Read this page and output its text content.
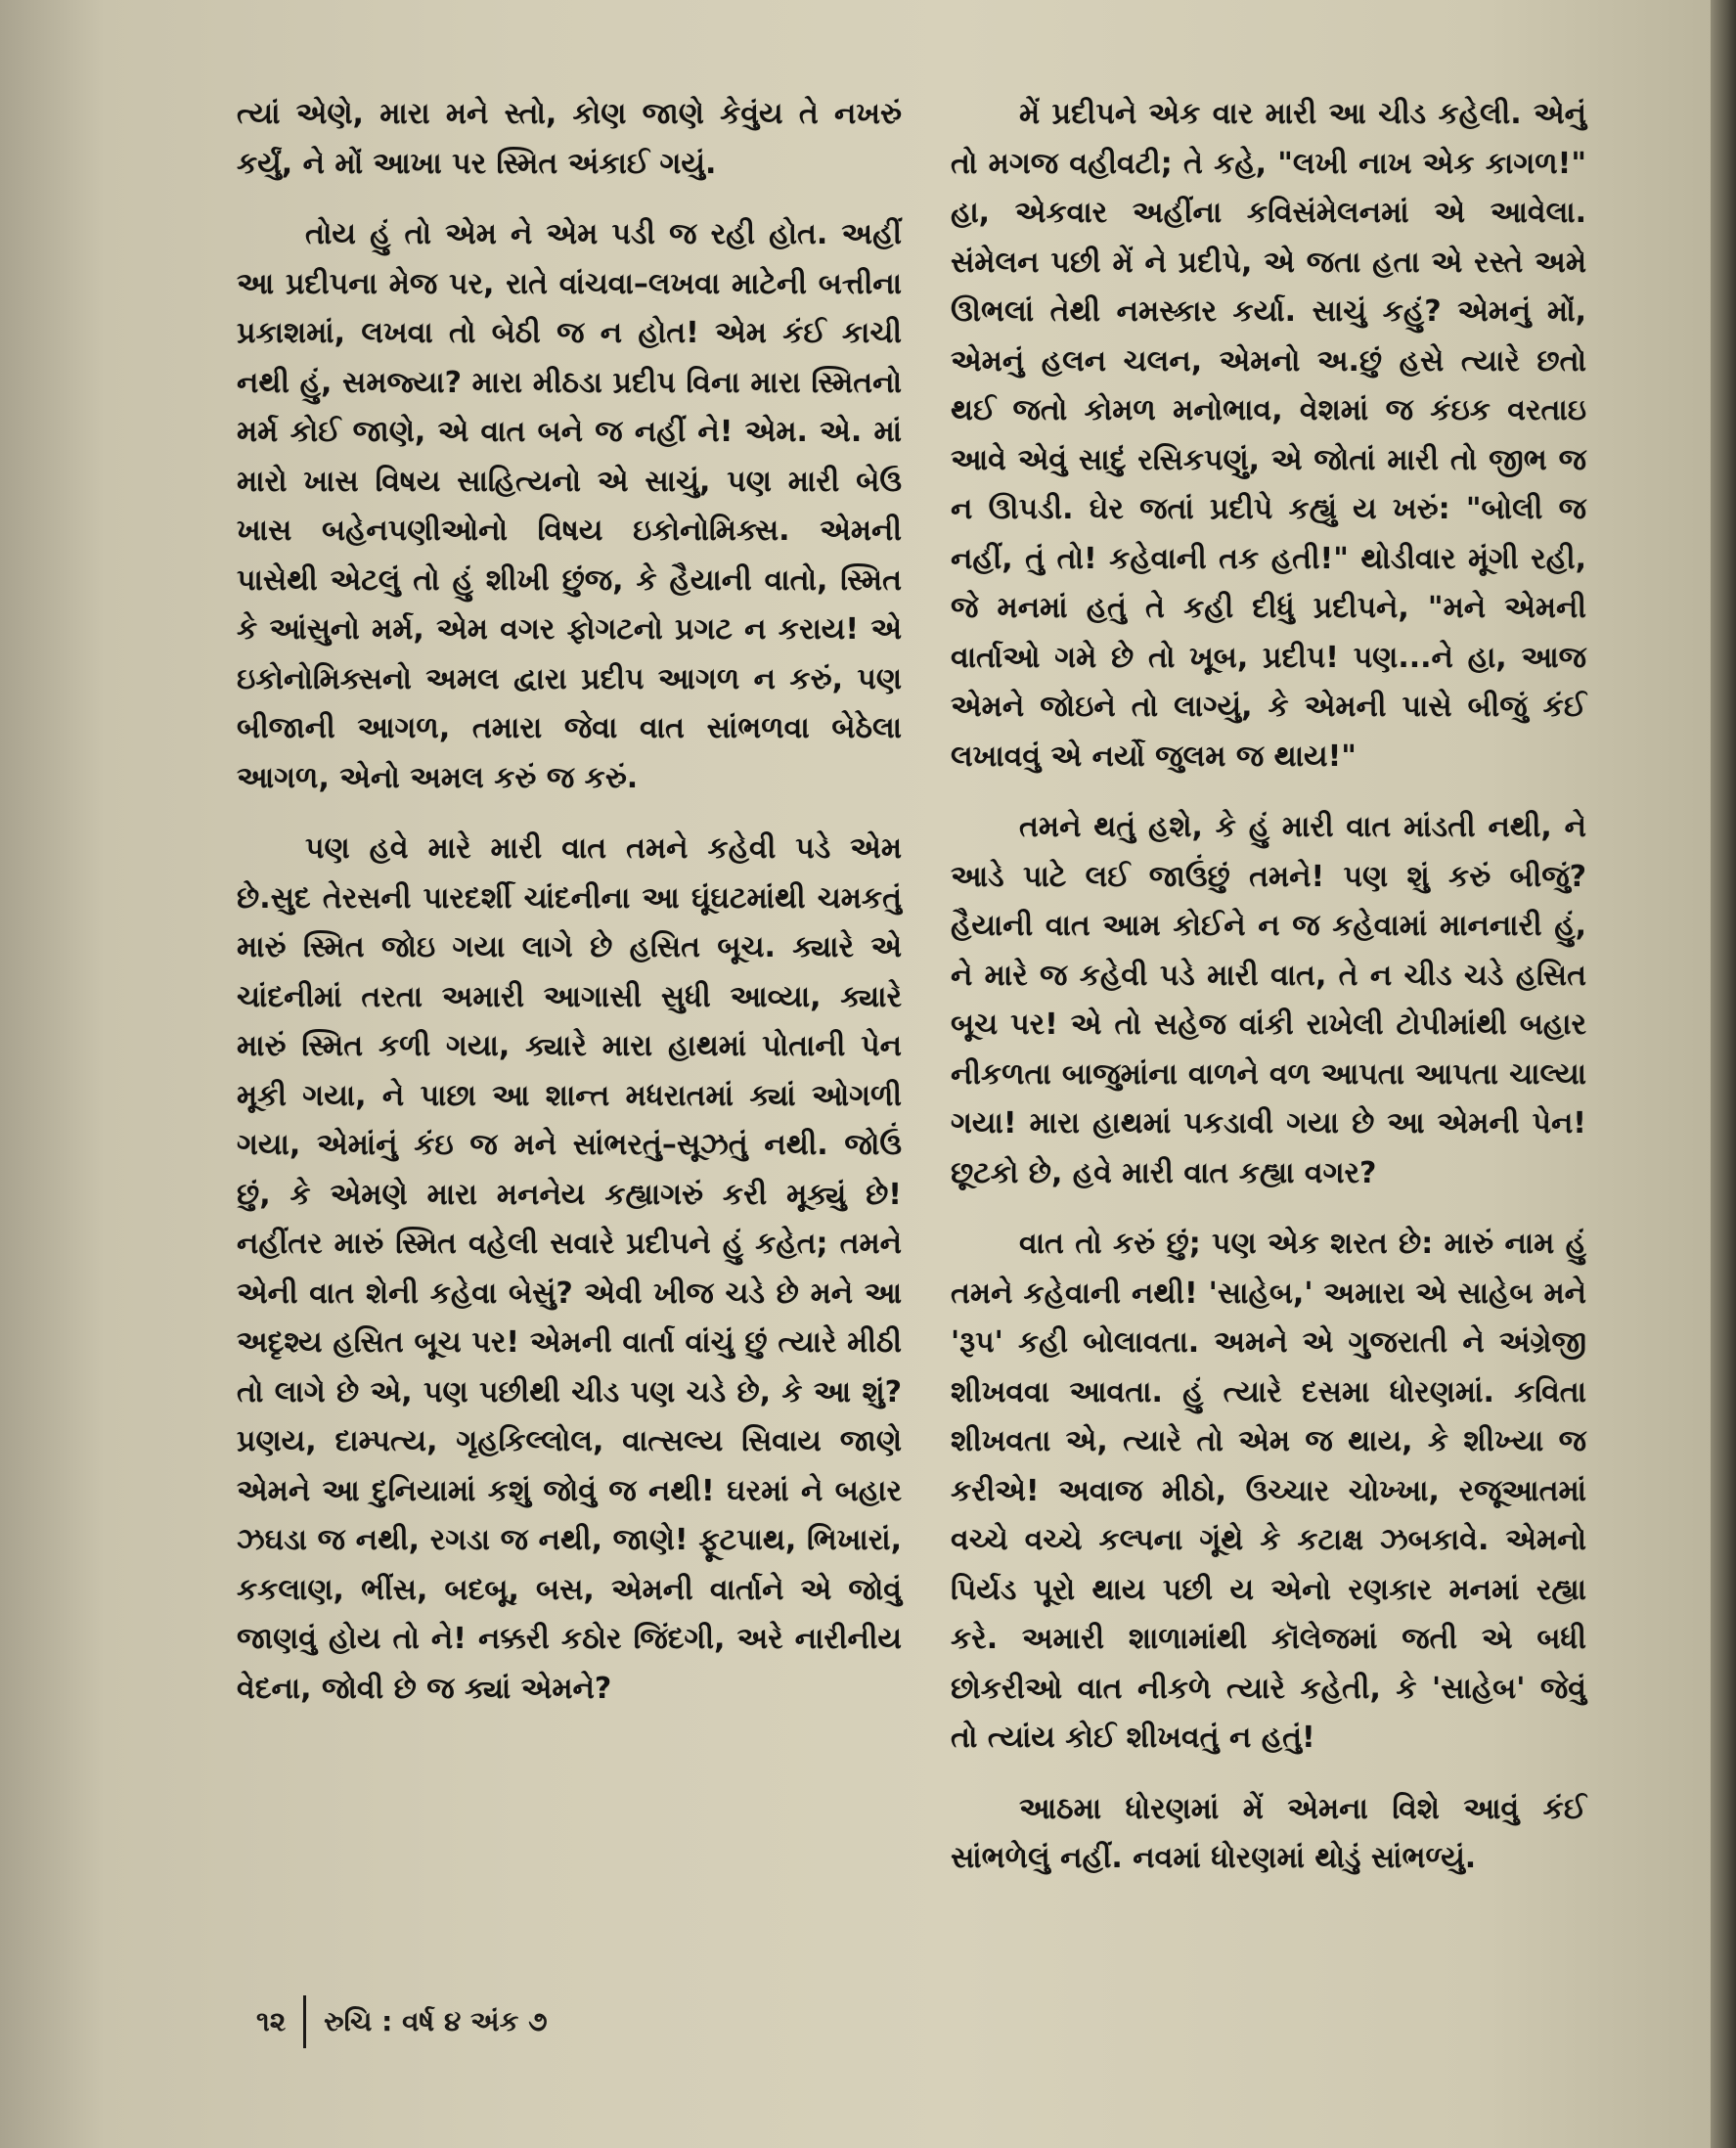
ત્યાં એણે, મારા મને સ્તો, કોણ જાણે કેવુંય તે નખરું કર્યું, ને મોં આખા પર સ્મિત અંકાઈ ગયું.

તોય હું તો એમ ને એમ પડી જ રહી હોત. અહીં આ પ્રદીપના મેજ પર, રાતે વાંચવા–લખવા માટેની બત્તીના પ્રકાશમાં, લખવા તો બેઠી જ ન હોત! એમ કંઈ કાચી નથી હું, સમજ્યા? મારા મીઠડા પ્રદીપ વિના મારા સ્મિતનો મર્મ કોઈ જાણે, એ વાત બને જ નહીં ને! એમ. એ. માં મારો ખાસ વિષય સાહિત્યનો એ સાચું, પણ મારી બેઉ ખાસ બહેનપણીઓનો વિષય ઇકોનોમિક્સ. એમની પાસેથી એટલું તો હું શીખી છુંજ, કે હૈયાની વાતો, સ્મિત કે આંસુનો મર્મ, એમ વગર ફોગટનો પ્રગટ ન કરાય! એ ઇકોનોમિક્સનો અમલ દ્વારા પ્રદીપ આગળ ન કરું, પણ બીજાની આગળ, તમારા જેવા વાત સાંભળવા બેઠેલા આગળ, એનો અમલ કરું જ કરું.

પણ હવે મારે મારી વાત તમને કહેવી પડે એમ છે.સુદ તેરસની પારદર્શી ચાંદનીના આ ઘૂંઘટમાંથી ચમકતું મારું સ્મિત જોઇ ગયા લાગે છે હસિત બૂચ. ક્યારે એ ચાંદનીમાં તરતા અમારી આગાસી સુધી આવ્યા, ક્યારે મારું સ્મિત કળી ગયા, ક્યારે મારા હાથમાં પોતાની પેન મૂકી ગયા, ને પાછા આ શાન્ત મધરાતમાં ક્યાં ઓગળી ગયા, એમાંનું કંઇ જ મને સાંભરતું–સૂઝતું નથી. જોઉં છું, કે એમણે મારા મનનેય કહ્યાગરું કરી મૂક્યું છે! નહીંતર મારું સ્મિત વહેલી સવારે પ્રદીપને હું કહેત; તમને એની વાત શેની કહેવા બેસું? એવી ખીજ ચડે છે મને આ અદૃશ્ય હસિત બૂચ પર! એમની વાર્તા વાંચું છું ત્યારે મીઠી તો લાગે છે એ, પણ પછીથી ચીડ પણ ચડે છે, કે આ શું? પ્રણય, દામ્પત્ય, ગૃહકિલ્લોલ, વાત્સલ્ય સિવાય જાણે એમને આ દુનિયામાં કશું જોવું જ નથી! ઘરમાં ને બહાર ઝઘડા જ નથી, રગડા જ નથી, જાણે! ફૂટપાથ, ભિખારાં, કકલાણ, ભીંસ, બદબૂ, બસ, એમની વાર્તાને એ જોવું જાણવું હોય તો ને! નક્કરી કઠોર જિંદગી, અરે નારીનીય વેદના, જોવી છે જ ક્યાં એમને?

મેં પ્રદીપને એક વાર મારી આ ચીડ કહેલી. એનું તો મગજ વહીવટી; તે કહે, "લખી નાખ એક કાગળ!" હા, એકવાર અહીંના કવિસંમેલનમાં એ આવેલા. સંમેલન પછી મેં ને પ્રદીપે, એ જતા હતા એ રસ્તે અમે ઊભલાં તેથી નમસ્કાર કર્યા. સાચું કહું? એમનું મોં, એમનું હલન ચલન, એમનો અ.છું હસે ત્યારે છતો થઈ જતો કોમળ મનોભાવ, વેશમાં જ કંઇક વરતાઇ આવે એવું સાદું રસિકપણું, એ જોતાં મારી તો જીભ જ ન ઊપડી. ઘેર જતાં પ્રદીપે કહ્યું ય ખરું: "બોલી જ નહીં, તું તો! કહેવાની તક હતી!" થોડીવાર મૂંગી રહી, જે મનમાં હતું તે કહી દીધું પ્રદીપને, "મને એમની વાર્તાઓ ગમે છે તો ખૂબ, પ્રદીપ! પણ...ને હા, આજ એમને જોઇને તો લાગ્યું, કે એમની પાસે બીજું કંઈ લખાવવું એ નર્યો જુલમ જ થાય!"

તમને થતું હશે, કે હું મારી વાત માંડતી નથી, ને આડે પાટે લઈ જાઉંછું તમને! પણ શું કરું બીજું? હૈયાની વાત આમ કોઈને ન જ કહેવામાં માનનારી હું, ને મારે જ કહેવી પડે મારી વાત, તે ન ચીડ ચડે હસિત બૂચ પર! એ તો સહેજ વાંકી રાખેલી ટોપીમાંથી બહાર નીકળતા બાજુમાંના વાળને વળ આપતા આપતા ચાલ્યા ગયા! મારા હાથમાં પકડાવી ગયા છે આ એમની પેન! છૂટકો છે, હવે મારી વાત કહ્યા વગર?

વાત તો કરું છું; પણ એક શરત છે: મારું નામ હું તમને કહેવાની નથી! 'સાહેબ,' અમારા એ સાહેબ મને 'રૂપ' કહી બોલાવતા. અમને એ ગુજરાતી ને અંગ્રેજી શીખવવા આવતા. હું ત્યારે દસમા ધોરણમાં. કવિતા શીખવતા એ, ત્યારે તો એમ જ થાય, કે શીખ્યા જ કરીએ! અવાજ મીઠો, ઉચ્ચાર ચોખ્ખા, રજૂઆતમાં વચ્ચે વચ્ચે કલ્પના ગૂંથે કે કટાક્ષ ઝબકાવે. એમનો પિર્યડ પૂરો થાય પછી ય એનો રણકાર મનમાં રહ્યા કરે. અમારી શાળામાંથી કૉલેજમાં જતી એ બધી છોકરીઓ વાત નીકળે ત્યારે કહેતી, કે 'સાહેબ' જેવું તો ત્યાંય કોઈ શીખવતું ન હતું!

આઠમા ધોરણમાં મેં એમના વિશે આવું કંઈ સાંભળેલું નહીં. નવમાં ધોરણમાં થોડું સાંભળ્યું.

૧૨ રુચિ : વર્ષ ૪ અંક ૭
